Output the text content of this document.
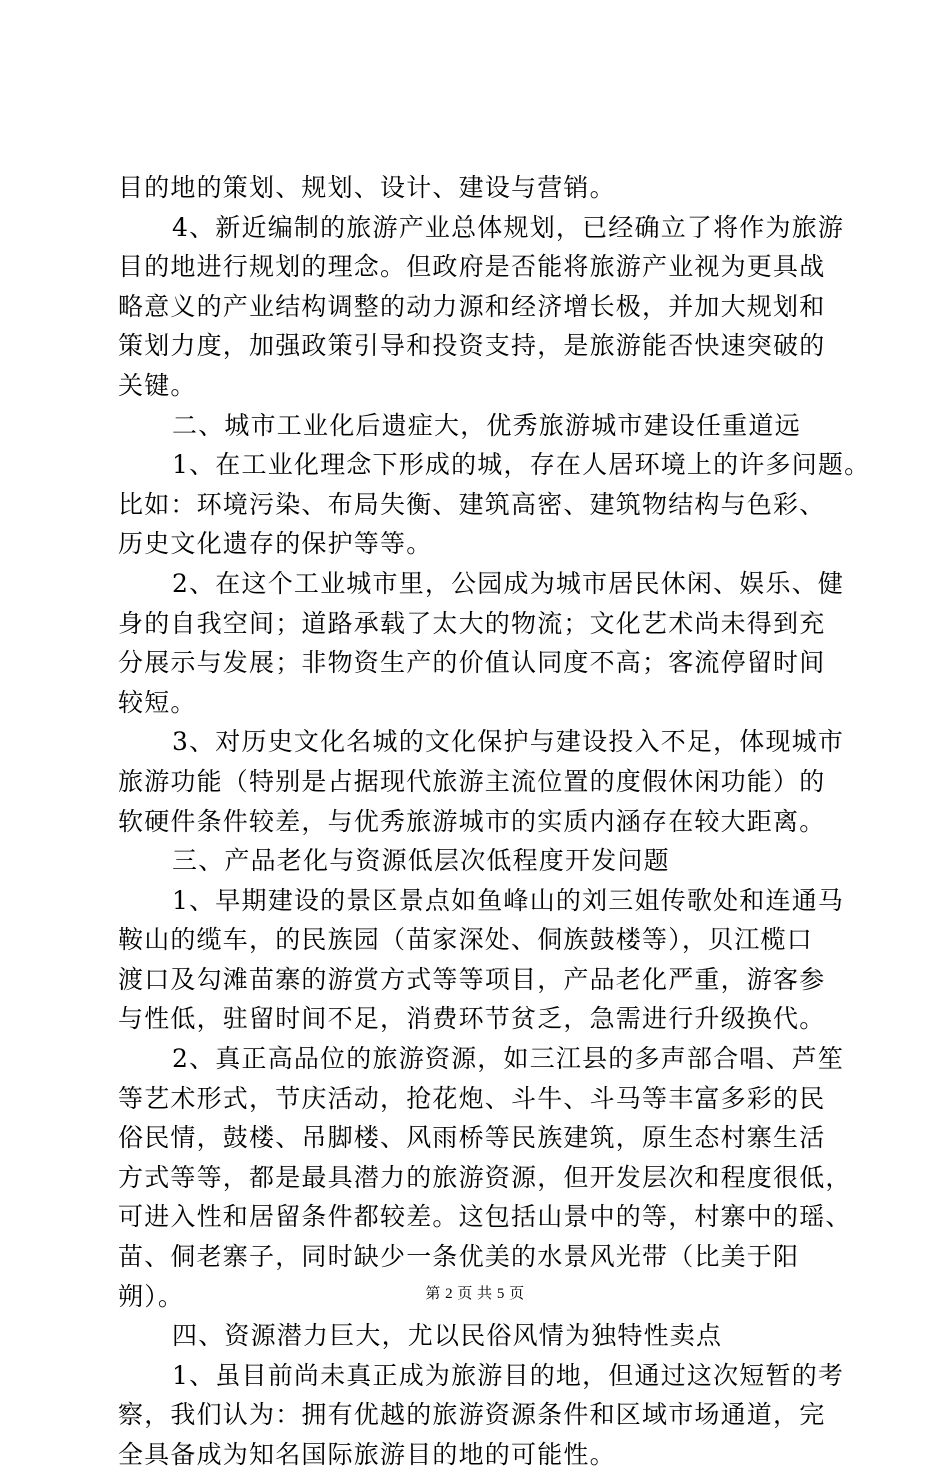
目的地的策划、规划、设计、建设与营销。
4、新近编制的旅游产业总体规划，已经确立了将作为旅游
目的地进行规划的理念。但政府是否能将旅游产业视为更具战
略意义的产业结构调整的动力源和经济增长极，并加大规划和
策划力度，加强政策引导和投资支持，是旅游能否快速突破的
关键。
二、城市工业化后遗症大，优秀旅游城市建设任重道远
1、在工业化理念下形成的城，存在人居环境上的许多问题。
比如：环境污染、布局失衡、建筑高密、建筑物结构与色彩、
历史文化遗存的保护等等。
2、在这个工业城市里，公园成为城市居民休闲、娱乐、健
身的自我空间；道路承载了太大的物流；文化艺术尚未得到充
分展示与发展；非物资生产的价值认同度不高；客流停留时间
较短。
3、对历史文化名城的文化保护与建设投入不足，体现城市
旅游功能（特别是占据现代旅游主流位置的度假休闲功能）的
软硬件条件较差，与优秀旅游城市的实质内涵存在较大距离。
三、产品老化与资源低层次低程度开发问题
1、早期建设的景区景点如鱼峰山的刘三姐传歌处和连通马
鞍山的缆车，的民族园（苗家深处、侗族鼓楼等），贝江榄口
渡口及勾滩苗寨的游赏方式等等项目，产品老化严重，游客参
与性低，驻留时间不足，消费环节贫乏，急需进行升级换代。
2、真正高品位的旅游资源，如三江县的多声部合唱、芦笙
等艺术形式，节庆活动，抢花炮、斗牛、斗马等丰富多彩的民
俗民情，鼓楼、吊脚楼、风雨桥等民族建筑，原生态村寨生活
方式等等，都是最具潜力的旅游资源，但开发层次和程度很低，
可进入性和居留条件都较差。这包括山景中的等，村寨中的瑶、
苗、侗老寨子，同时缺少一条优美的水景风光带（比美于阳
朔）。
四、资源潜力巨大，尤以民俗风情为独特性卖点
1、虽目前尚未真正成为旅游目的地，但通过这次短暂的考
察，我们认为：拥有优越的旅游资源条件和区域市场通道，完
全具备成为知名国际旅游目的地的可能性。
第 2 页 共 5 页
